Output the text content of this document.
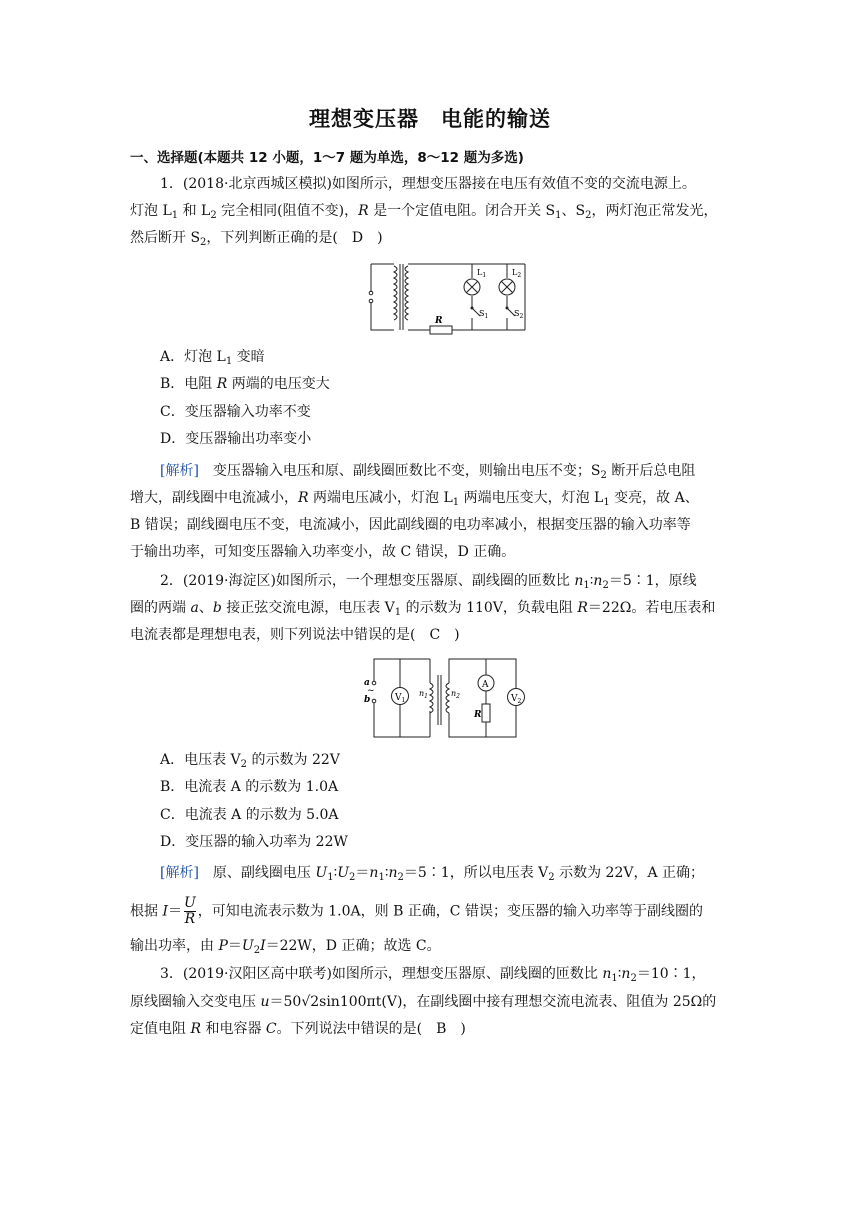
理想变压器　电能的输送
一、选择题(本题共 12 小题，1～7 题为单选，8～12 题为多选)
1．(2018·北京西城区模拟)如图所示，理想变压器接在电压有效值不变的交流电源上。
灯泡 $L_1$ 和 $L_2$ 完全相同(阻值不变)，R 是一个定值电阻。闭合开关 $S_1$、$S_2$，两灯泡正常发光，
然后断开 $S_2$，下列判断正确的是(　D　)
$L_1$	$L_2$
$S_1$	$S_2$
R
A．灯泡 $L_1$ 变暗
B．电阻 R 两端的电压变大
C．变压器输入功率不变
D．变压器输出功率变小
[解析]　变压器输入电压和原、副线圈匝数比不变，则输出电压不变；$S_2$ 断开后总电阻
增大，副线圈中电流减小，R 两端电压减小，灯泡 $L_1$ 两端电压变大，灯泡 $L_1$ 变亮，故 A、
B 错误；副线圈电压不变，电流减小，因此副线圈的电功率减小，根据变压器的输入功率等
于输出功率，可知变压器输入功率变小，故 C 错误，D 正确。
2．(2019·海淀区)如图所示，一个理想变压器原、副线圈的匝数比 $n_1∶n_2=5∶1$，原线
圈的两端 a、b 接正弦交流电源，电压表 $V_1$ 的示数为 110V，负载电阻 R＝22Ω。若电压表和
电流表都是理想电表，则下列说法中错误的是(　C　)
a
~
b	$V_1$
$n_1$	$n_2$
A
R
$V_2$
A．电压表 $V_2$ 的示数为 22V
B．电流表 A 的示数为 1.0A
C．电流表 A 的示数为 5.0A
D．变压器的输入功率为 22W
[解析]　原、副线圈电压 $U_1∶U_2=n_1∶n_2=5∶1$，所以电压表 $V_2$ 示数为 22V，A 正确；
根据 $I= \frac{U}{R}$ ，可知电流表示数为 1.0A，则 B 正确，C 错误；变压器的输入功率等于副线圈的
输出功率，由 $P=U_2I=22W$，D 正确；故选 C。
3．(2019·汉阳区高中联考)如图所示，理想变压器原、副线圈的匝数比 $n_1∶n_2=10∶1$，
原线圈输入交变电压 u＝50√2sin100πt(V)，在副线圈中接有理想交流电流表、阻值为 25Ω的
定值电阻 R 和电容器 C。下列说法中错误的是(　B　)
